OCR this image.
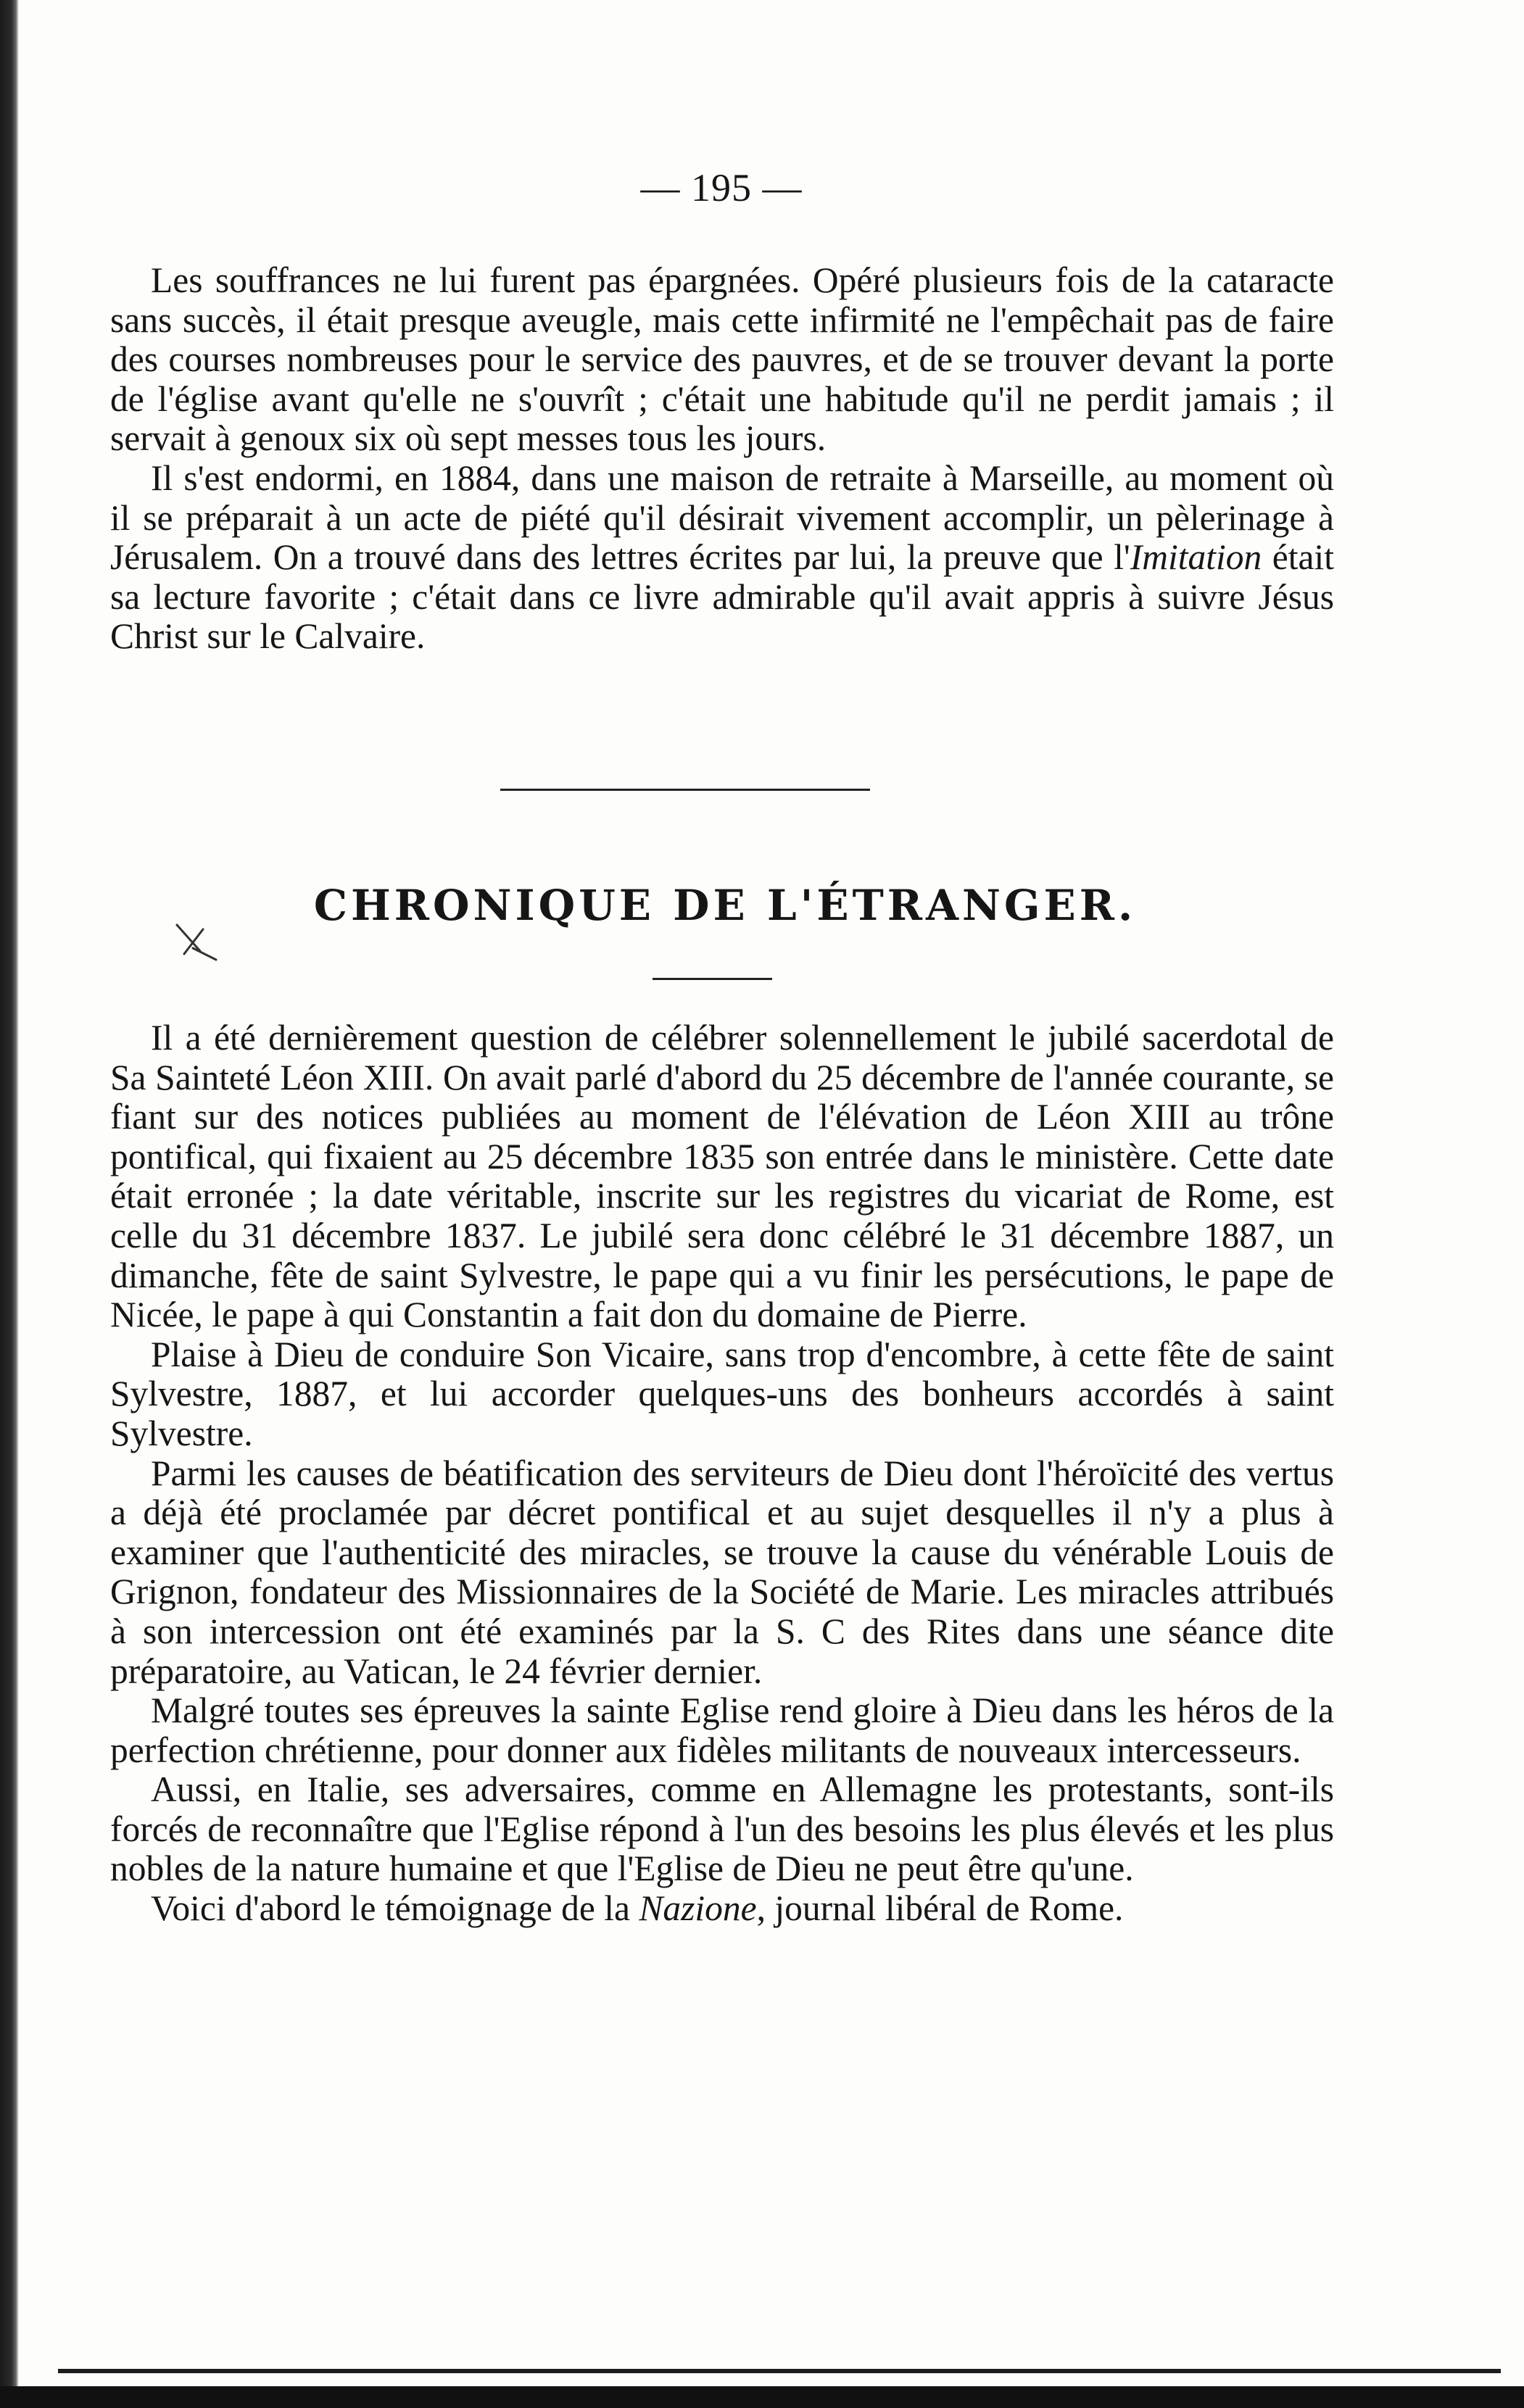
— 195 —

Les souffrances ne lui furent pas épargnées. Opéré plusieurs fois de la cataracte sans succès, il était presque aveugle, mais cette infirmité ne l'empêchait pas de faire des courses nombreuses pour le service des pauvres, et de se trouver devant la porte de l'église avant qu'elle ne s'ouvrît ; c'était une habitude qu'il ne perdit jamais ; il servait à genoux six où sept messes tous les jours.

Il s'est endormi, en 1884, dans une maison de retraite à Marseille, au moment où il se préparait à un acte de piété qu'il désirait vivement accomplir, un pèlerinage à Jérusalem. On a trouvé dans des lettres écrites par lui, la preuve que l'Imitation était sa lecture favorite ; c'était dans ce livre admirable qu'il avait appris à suivre Jésus Christ sur le Calvaire.

CHRONIQUE DE L'ÉTRANGER.

Il a été dernièrement question de célébrer solennellement le jubilé sacerdotal de Sa Sainteté Léon XIII. On avait parlé d'abord du 25 décembre de l'année courante, se fiant sur des notices publiées au moment de l'élévation de Léon XIII au trône pontifical, qui fixaient au 25 décembre 1835 son entrée dans le ministère. Cette date était erronée ; la date véritable, inscrite sur les registres du vicariat de Rome, est celle du 31 décembre 1837. Le jubilé sera donc célébré le 31 décembre 1887, un dimanche, fête de saint Sylvestre, le pape qui a vu finir les persécutions, le pape de Nicée, le pape à qui Constantin a fait don du domaine de Pierre.

Plaise à Dieu de conduire Son Vicaire, sans trop d'encombre, à cette fête de saint Sylvestre, 1887, et lui accorder quelques-uns des bonheurs accordés à saint Sylvestre.

Parmi les causes de béatification des serviteurs de Dieu dont l'héroïcité des vertus a déjà été proclamée par décret pontifical et au sujet desquelles il n'y a plus à examiner que l'authenticité des miracles, se trouve la cause du vénérable Louis de Grignon, fondateur des Missionnaires de la Société de Marie. Les miracles attribués à son intercession ont été examinés par la S. C des Rites dans une séance dite préparatoire, au Vatican, le 24 février dernier.

Malgré toutes ses épreuves la sainte Eglise rend gloire à Dieu dans les héros de la perfection chrétienne, pour donner aux fidèles militants de nouveaux intercesseurs.

Aussi, en Italie, ses adversaires, comme en Allemagne les protestants, sont-ils forcés de reconnaître que l'Eglise répond à l'un des besoins les plus élevés et les plus nobles de la nature humaine et que l'Eglise de Dieu ne peut être qu'une.

Voici d'abord le témoignage de la Nazione, journal libéral de Rome.
